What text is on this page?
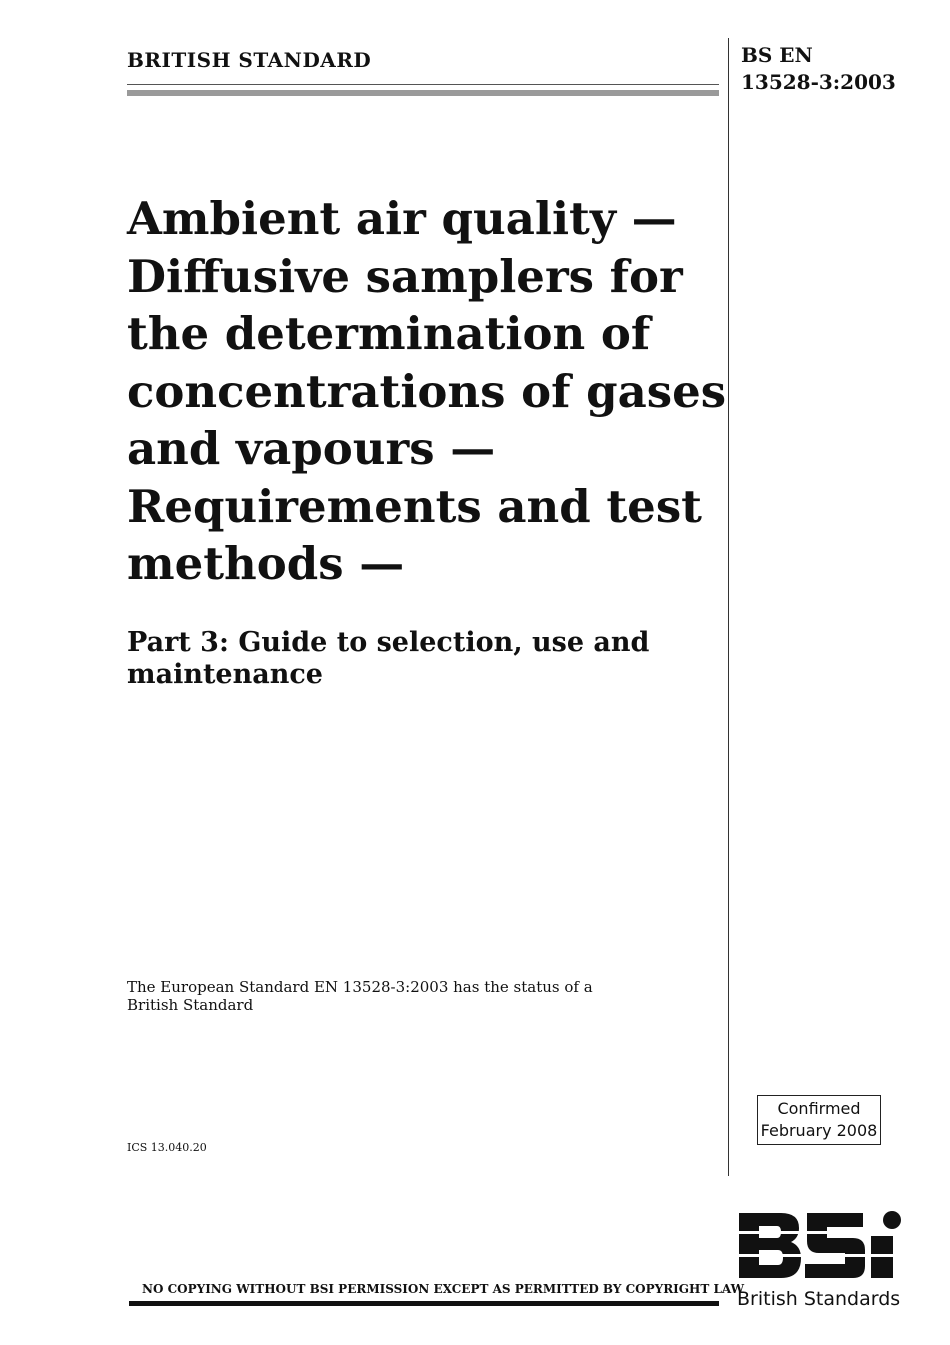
BRITISH STANDARD	BS EN
13528-3:2003
Ambient air quality —
Diffusive samplers for
the determination of
concentrations of gases
and vapours —
Requirements and test
methods —
Part 3: Guide to selection, use and
maintenance
The European Standard EN 13528-3:2003 has the status of a
British Standard
ICS 13.040.20
Confirmed
February 2008
British Standards
NO COPYING WITHOUT BSI PERMISSION EXCEPT AS PERMITTED BY COPYRIGHT LAW
